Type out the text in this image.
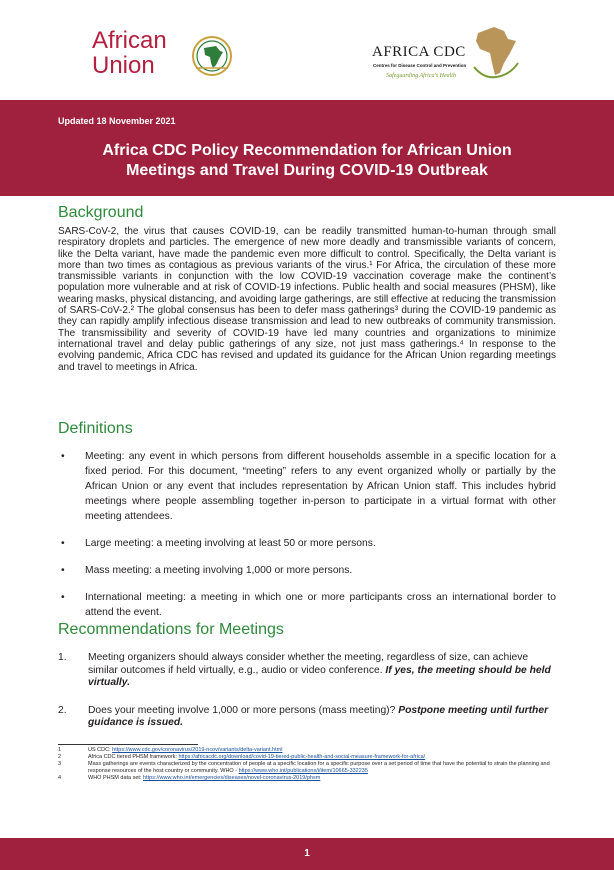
African
Union	AFRICA CDC
Centres for Disease Control and Prevention
Safeguarding Africa's Health
Updated 18 November 2021
Africa CDC Policy Recommendation for African Union
Meetings and Travel During COVID-19 Outbreak
Background
SARS-CoV-2, the virus that causes COVID-19, can be readily transmitted human-to-human through small respiratory droplets and particles. The emergence of new more deadly and transmissible variants of concern, like the Delta variant, have made the pandemic even more difficult to control. Specifically, the Delta variant is more than two times as contagious as previous variants of the virus.¹ For Africa, the circulation of these more transmissible variants in conjunction with the low COVID-19 vaccination coverage make the continent’s population more vulnerable and at risk of COVID-19 infections. Public health and social measures (PHSM), like wearing masks, physical distancing, and avoiding large gatherings, are still effective at reducing the transmission of SARS-CoV-2.² The global consensus has been to defer mass gatherings³ during the COVID-19 pandemic as they can rapidly amplify infectious disease transmission and lead to new outbreaks of community transmission. The transmissibility and severity of COVID-19 have led many countries and organizations to minimize international travel and delay public gatherings of any size, not just mass gatherings.⁴ In response to the evolving pandemic, Africa CDC has revised and updated its guidance for the African Union regarding meetings and travel to meetings in Africa.
Definitions
• Meeting: any event in which persons from different households assemble in a specific location for a fixed period. For this document, “meeting” refers to any event organized wholly or partially by the African Union or any event that includes representation by African Union staff. This includes hybrid meetings where people assembling together in-person to participate in a virtual format with other meeting attendees.
• Large meeting: a meeting involving at least 50 or more persons.
• Mass meeting: a meeting involving 1,000 or more persons.
• International meeting: a meeting in which one or more participants cross an international border to attend the event.
Recommendations for Meetings
1. Meeting organizers should always consider whether the meeting, regardless of size, can achieve similar outcomes if held virtually, e.g., audio or video conference. If yes, the meeting should be held virtually.
2. Does your meeting involve 1,000 or more persons (mass meeting)? Postpone meeting until further guidance is issued.
1	US CDC: https://www.cdc.gov/coronavirus/2019-ncov/variants/delta-variant.html
2	Africa CDC tiered PHSM framework: https://africacdc.org/download/covid-19-tiered-public-health-and-social-measure-framework-for-africa/
3	Mass gatherings are events characterized by the concentration of people at a specific location for a specific purpose over a set period of time that have the potential to strain the planning and response resources of the host country or community. WHO - https://www.who.int/publications/i/item/10665-332235
4	WHO PHSM data set: https://www.who.int/emergencies/diseases/novel-coronavirus-2019/phsm
1
